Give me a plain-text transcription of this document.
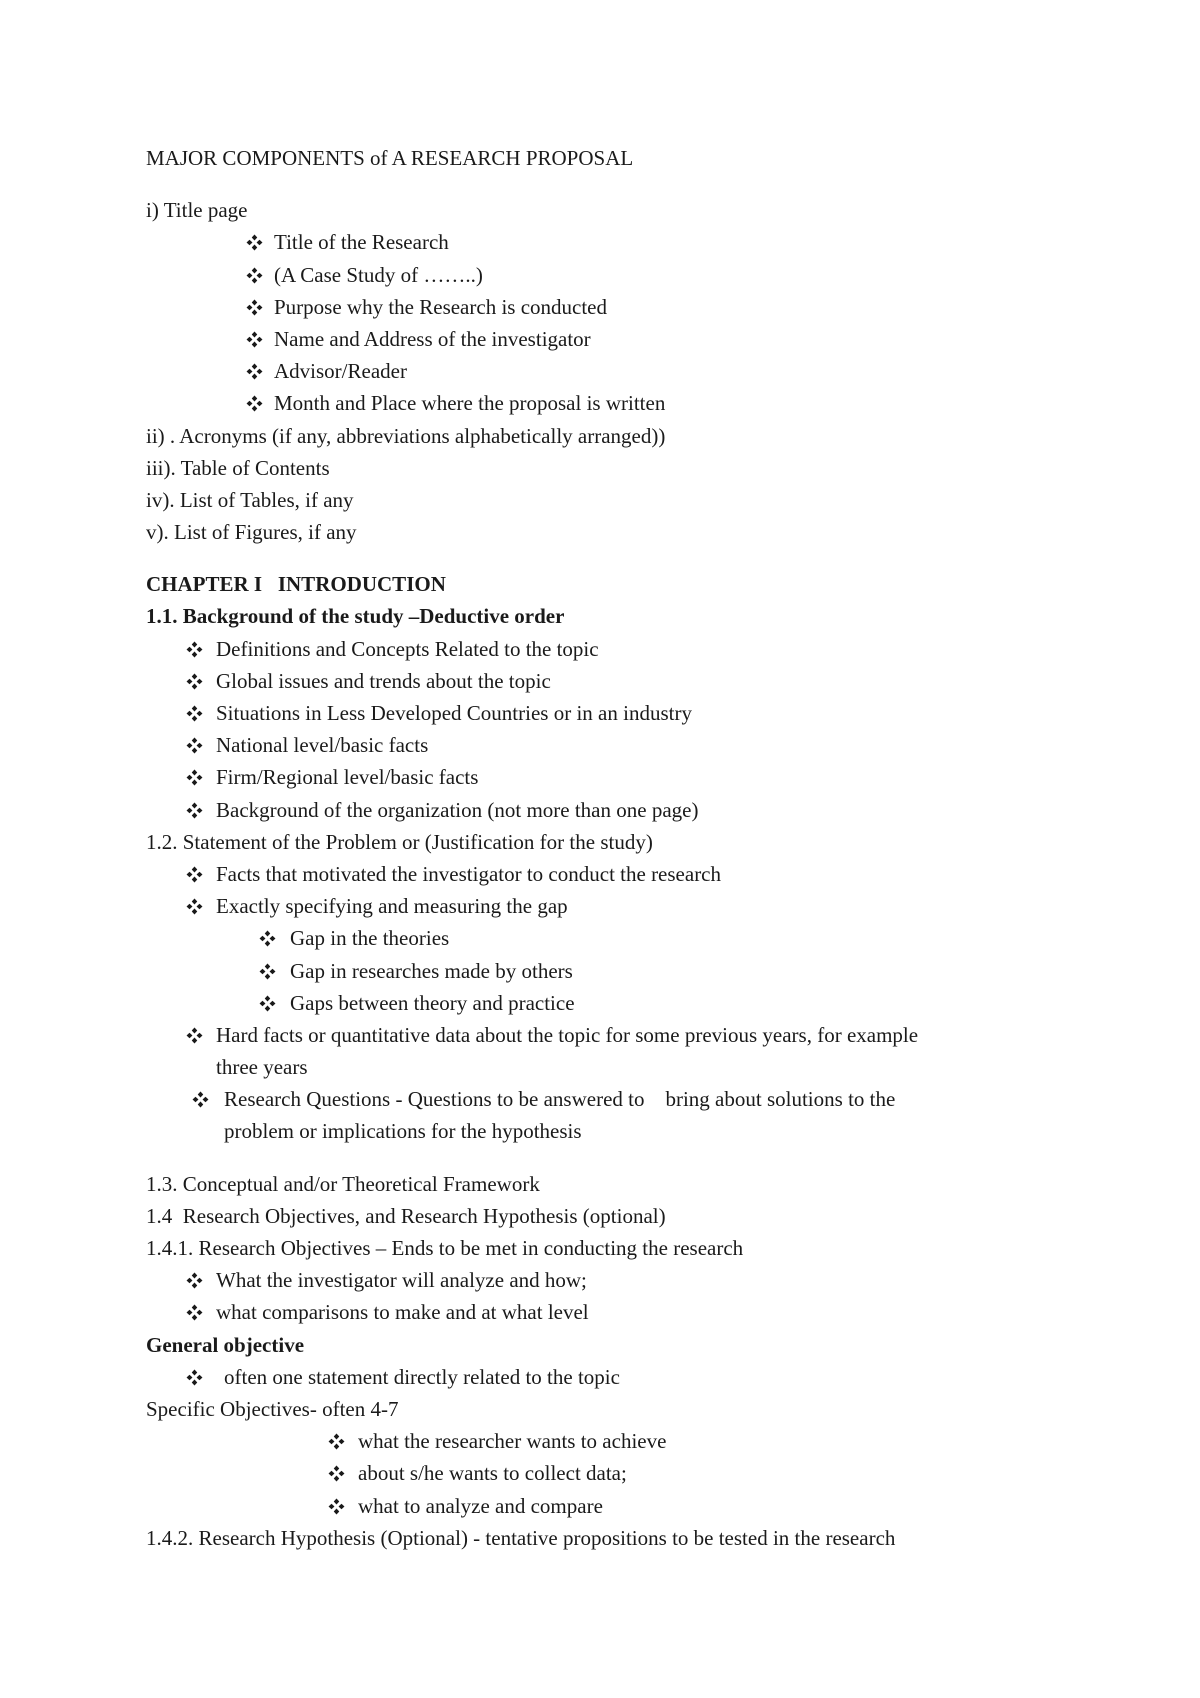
MAJOR COMPONENTS of A RESEARCH PROPOSAL
i) Title page
Title of the Research
(A Case Study of ……..)
Purpose why the Research is conducted
Name and Address of the investigator
Advisor/Reader
Month and Place where the proposal is written
ii) . Acronyms (if any, abbreviations alphabetically arranged))
iii). Table of Contents
iv). List of Tables, if any
v). List of Figures, if any
CHAPTER I   INTRODUCTION
1.1. Background of the study –Deductive order
Definitions and Concepts Related to the topic
Global issues and trends about the topic
Situations in Less Developed Countries or in an industry
National level/basic facts
Firm/Regional level/basic facts
Background of the organization (not more than one page)
1.2. Statement of the Problem or (Justification for the study)
Facts that motivated the investigator to conduct the research
Exactly specifying and measuring the gap
Gap in the theories
Gap in researches made by others
Gaps between theory and practice
Hard facts or quantitative data about the topic for some previous years, for example
three years
Research Questions - Questions to be answered to    bring about solutions to the
problem or implications for the hypothesis
1.3. Conceptual and/or Theoretical Framework
1.4  Research Objectives, and Research Hypothesis (optional)
1.4.1. Research Objectives – Ends to be met in conducting the research
What the investigator will analyze and how;
what comparisons to make and at what level
General objective
often one statement directly related to the topic
Specific Objectives- often 4-7
what the researcher wants to achieve
about s/he wants to collect data;
what to analyze and compare
1.4.2. Research Hypothesis (Optional) - tentative propositions to be tested in the research
